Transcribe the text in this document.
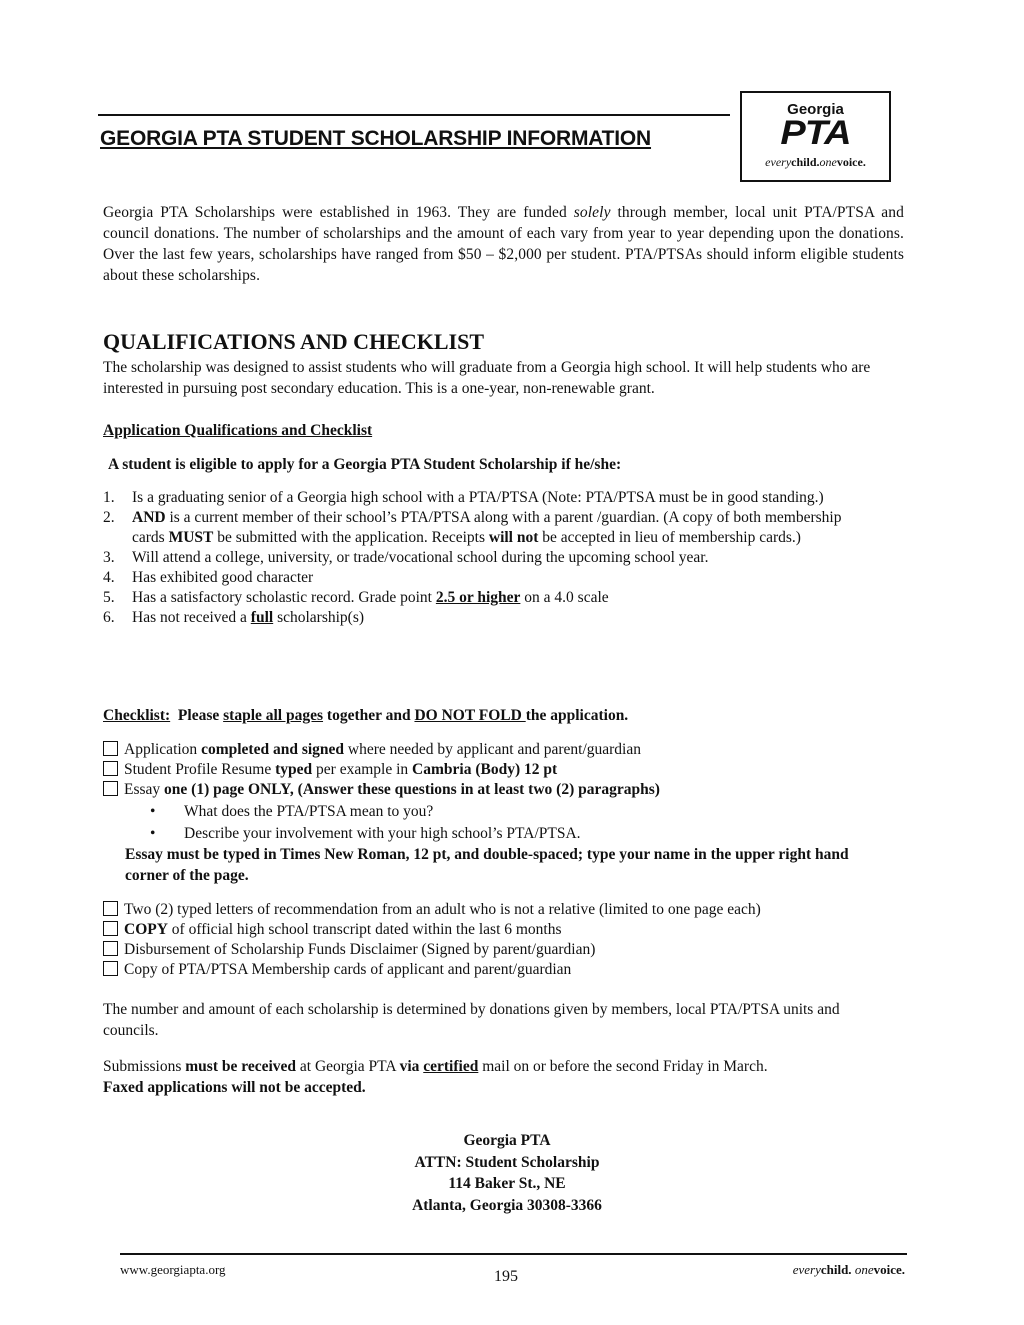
GEORGIA PTA STUDENT SCHOLARSHIP INFORMATION
Georgia
PTA
everychild.onevoice.

Georgia PTA Scholarships were established in 1963. They are funded solely through member, local unit PTA/PTSA and council donations. The number of scholarships and the amount of each vary from year to year depending upon the donations. Over the last few years, scholarships have ranged from $50 – $2,000 per student. PTA/PTSAs should inform eligible students about these scholarships.

QUALIFICATIONS AND CHECKLIST

The scholarship was designed to assist students who will graduate from a Georgia high school. It will help students who are interested in pursuing post secondary education. This is a one-year, non-renewable grant.

Application Qualifications and Checklist

A student is eligible to apply for a Georgia PTA Student Scholarship if he/she:

1. Is a graduating senior of a Georgia high school with a PTA/PTSA (Note: PTA/PTSA must be in good standing.)
2. AND is a current member of their school’s PTA/PTSA along with a parent /guardian. (A copy of both membership cards MUST be submitted with the application. Receipts will not be accepted in lieu of membership cards.)
3. Will attend a college, university, or trade/vocational school during the upcoming school year.
4. Has exhibited good character
5. Has a satisfactory scholastic record. Grade point 2.5 or higher on a 4.0 scale
6. Has not received a full scholarship(s)

Checklist:  Please staple all pages together and DO NOT FOLD the application.

Application completed and signed where needed by applicant and parent/guardian
Student Profile Resume typed per example in Cambria (Body) 12 pt
Essay one (1) page ONLY, (Answer these questions in at least two (2) paragraphs)
• What does the PTA/PTSA mean to you?
• Describe your involvement with your high school’s PTA/PTSA.

Essay must be typed in Times New Roman, 12 pt, and double-spaced; type your name in the upper right hand corner of the page.

Two (2) typed letters of recommendation from an adult who is not a relative (limited to one page each)
COPY of official high school transcript dated within the last 6 months
Disbursement of Scholarship Funds Disclaimer (Signed by parent/guardian)
Copy of PTA/PTSA Membership cards of applicant and parent/guardian

The number and amount of each scholarship is determined by donations given by members, local PTA/PTSA units and councils.

Submissions must be received at Georgia PTA via certified mail on or before the second Friday in March.
Faxed applications will not be accepted.

Georgia PTA
ATTN: Student Scholarship
114 Baker St., NE
Atlanta, Georgia 30308-3366
www.georgiapta.org	195	everychild. onevoice.
